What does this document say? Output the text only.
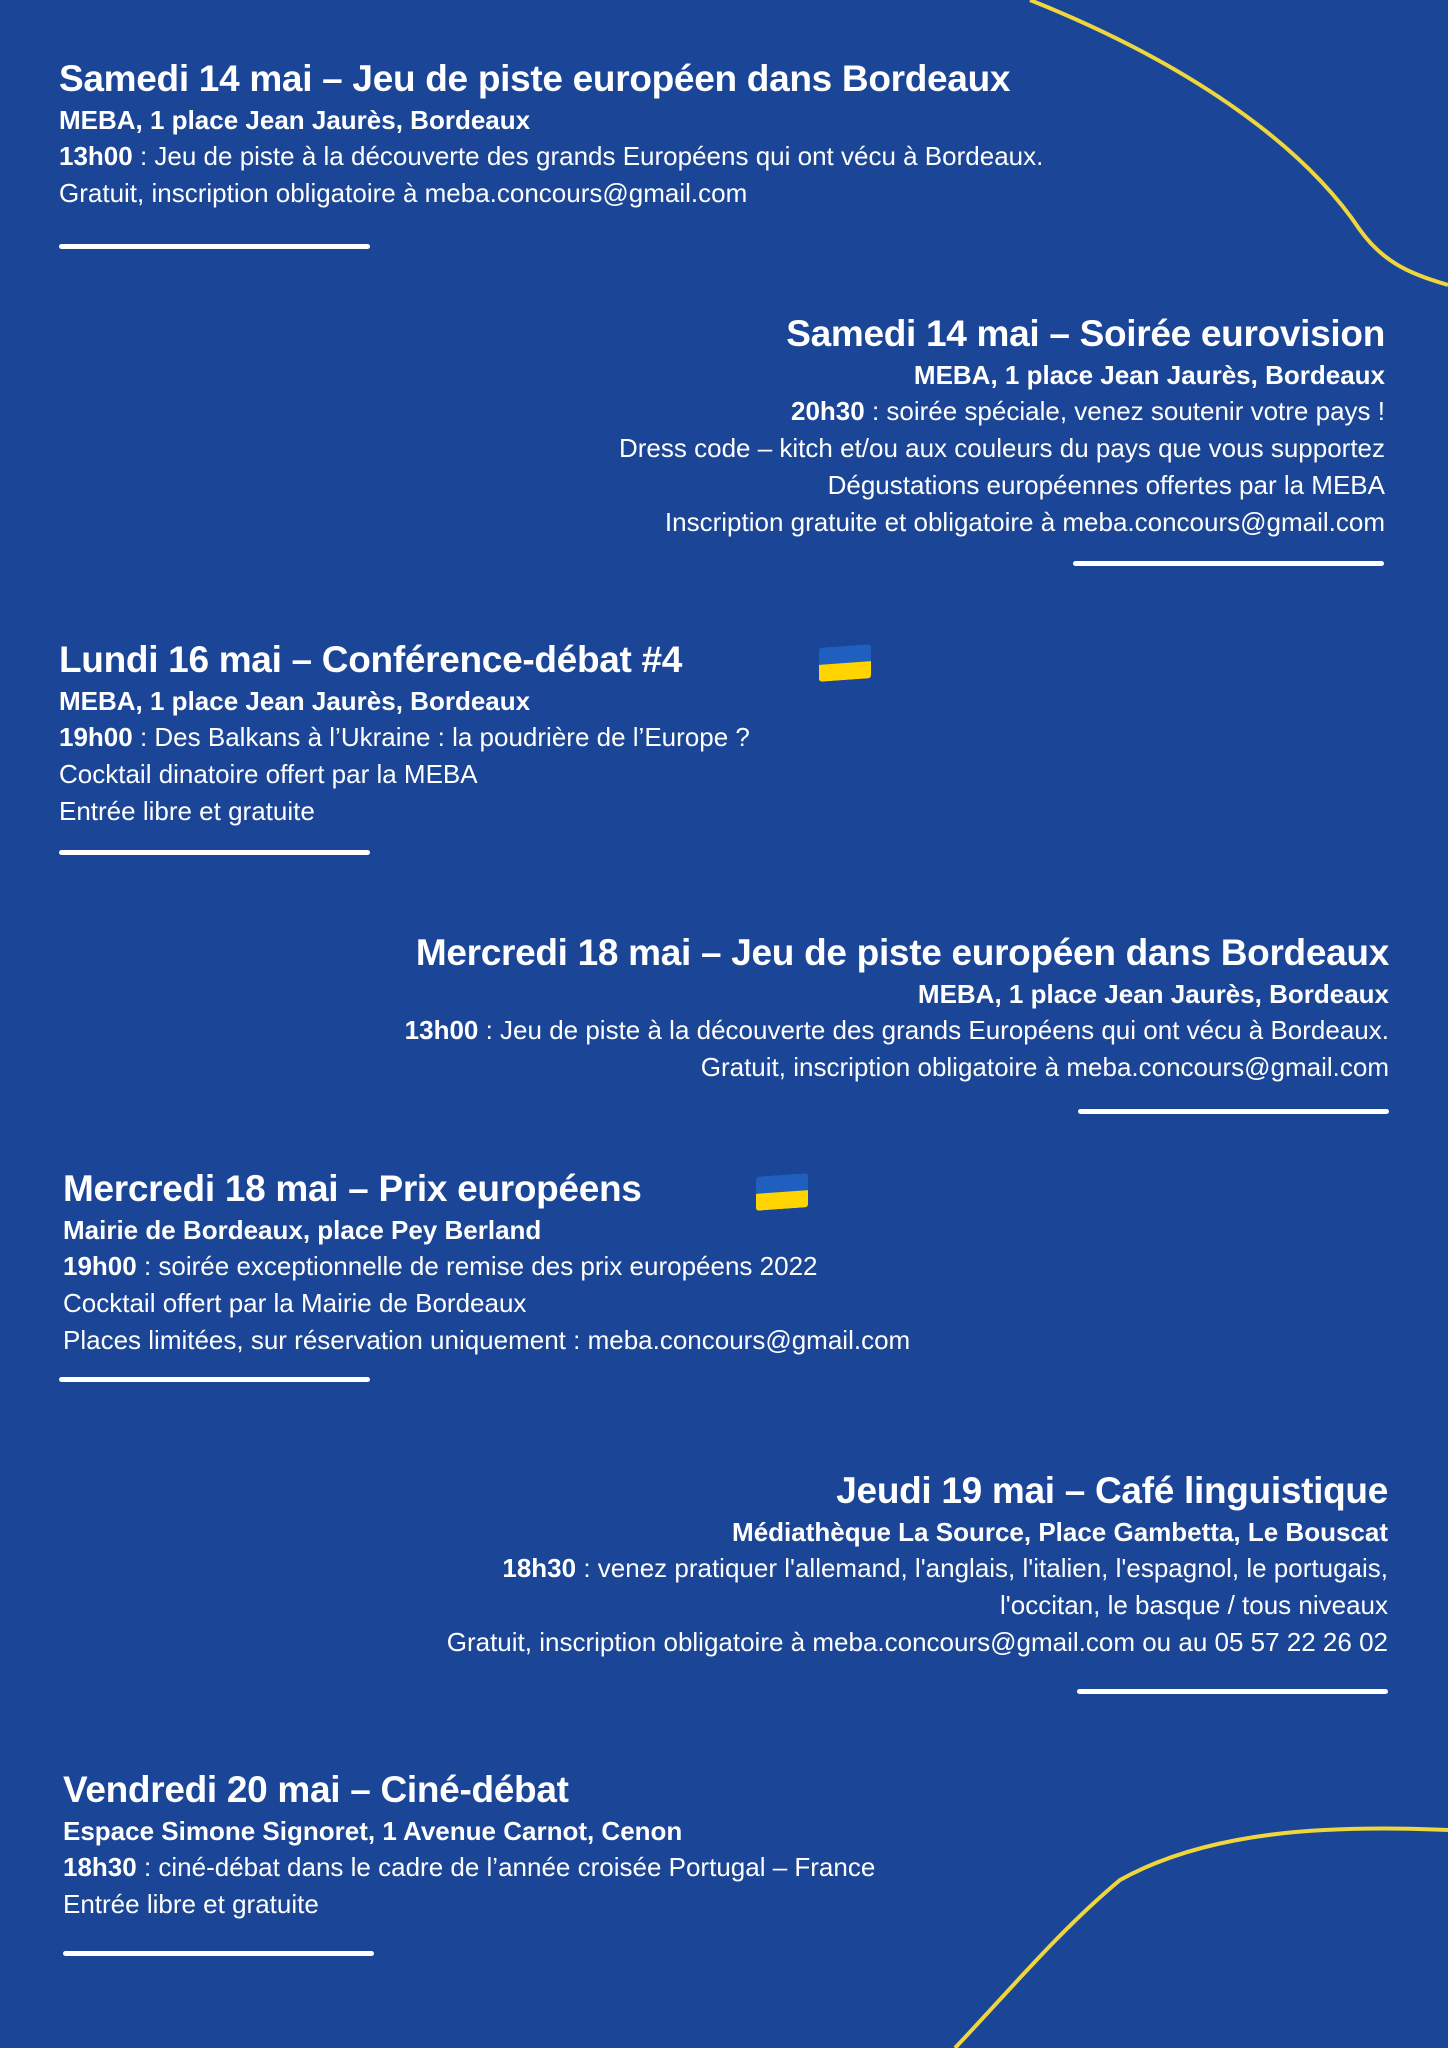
Samedi 14 mai – Jeu de piste européen dans Bordeaux
MEBA, 1 place Jean Jaurès, Bordeaux
13h00 : Jeu de piste à la découverte des grands Européens qui ont vécu à Bordeaux.
Gratuit, inscription obligatoire à meba.concours@gmail.com
Samedi 14 mai – Soirée eurovision
MEBA, 1 place Jean Jaurès, Bordeaux
20h30 : soirée spéciale, venez soutenir votre pays !
Dress code – kitch et/ou aux couleurs du pays que vous supportez
Dégustations européennes offertes par la MEBA
Inscription gratuite et obligatoire à meba.concours@gmail.com
Lundi 16 mai – Conférence-débat #4
MEBA, 1 place Jean Jaurès, Bordeaux
19h00 : Des Balkans à l’Ukraine : la poudrière de l’Europe ?
Cocktail dinatoire offert par la MEBA
Entrée libre et gratuite
Mercredi 18 mai – Jeu de piste européen dans Bordeaux
MEBA, 1 place Jean Jaurès, Bordeaux
13h00 : Jeu de piste à la découverte des grands Européens qui ont vécu à Bordeaux.
Gratuit, inscription obligatoire à meba.concours@gmail.com
Mercredi 18 mai – Prix européens
Mairie de Bordeaux, place Pey Berland
19h00 : soirée exceptionnelle de remise des prix européens 2022
Cocktail offert par la Mairie de Bordeaux
Places limitées, sur réservation uniquement : meba.concours@gmail.com
Jeudi 19 mai – Café linguistique
Médiathèque La Source, Place Gambetta, Le Bouscat
18h30 : venez pratiquer l'allemand, l'anglais, l'italien, l'espagnol, le portugais,
l'occitan, le basque / tous niveaux
Gratuit, inscription obligatoire à meba.concours@gmail.com ou au 05 57 22 26 02
Vendredi 20 mai – Ciné-débat
Espace Simone Signoret, 1 Avenue Carnot, Cenon
18h30 : ciné-débat dans le cadre de l’année croisée Portugal – France
Entrée libre et gratuite
